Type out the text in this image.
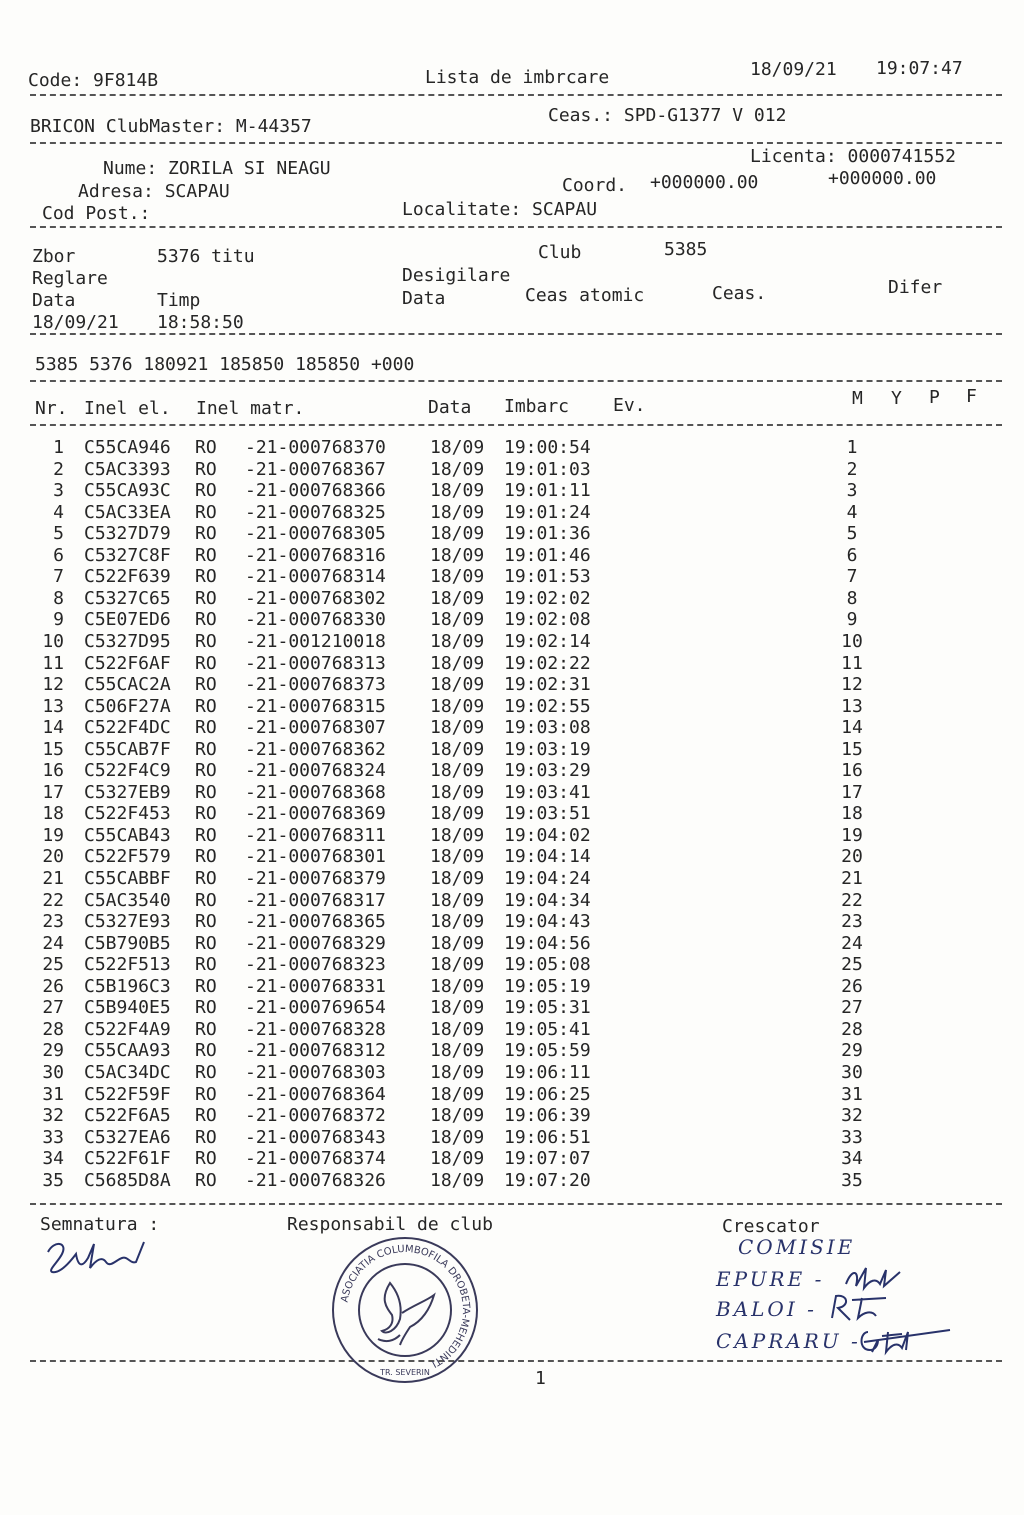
Code: 9F814B	Lista de imbrcare	18/09/21 19:07:47
BRICON ClubMaster: M-44357
Ceas.: SPD-G1377 V 012
Nume: ZORILA SI NEAGU
Adresa: SCAPAU
Cod Post.:
Licenta: 0000741552
Coord. +000000.00	+000000.00
Localitate: SCAPAU
Zbor	5376 titu	Club	5385
Reglare	Desigilare
Data	Timp	Data	Ceas atomic	Ceas.	Difer
18/09/21 18:58:50
5385 5376 180921 185850 185850 +000
Nr. Inel el. Inel matr.	Data Imbarc Ev.	M Y P F
1 C55CA946 RO -21-000768370 18/09 19:00:54	1
2 C5AC3393 RO -21-000768367 18/09 19:01:03	2
3 C55CA93C RO -21-000768366 18/09 19:01:11	3
4 C5AC33EA RO -21-000768325 18/09 19:01:24	4
5 C5327D79 RO -21-000768305 18/09 19:01:36	5
6 C5327C8F RO -21-000768316 18/09 19:01:46	6
7 C522F639 RO -21-000768314 18/09 19:01:53	7
8 C5327C65 RO -21-000768302 18/09 19:02:02	8
9 C5E07ED6 RO -21-000768330 18/09 19:02:08	9
10 C5327D95 RO -21-001210018 18/09 19:02:14	10
11 C522F6AF RO -21-000768313 18/09 19:02:22	11
12 C55CAC2A RO -21-000768373 18/09 19:02:31	12
13 C506F27A RO -21-000768315 18/09 19:02:55	13
14 C522F4DC RO -21-000768307 18/09 19:03:08	14
15 C55CAB7F RO -21-000768362 18/09 19:03:19	15
16 C522F4C9 RO -21-000768324 18/09 19:03:29	16
17 C5327EB9 RO -21-000768368 18/09 19:03:41	17
18 C522F453 RO -21-000768369 18/09 19:03:51	18
19 C55CAB43 RO -21-000768311 18/09 19:04:02	19
20 C522F579 RO -21-000768301 18/09 19:04:14	20
21 C55CABBF RO -21-000768379 18/09 19:04:24	21
22 C5AC3540 RO -21-000768317 18/09 19:04:34	22
23 C5327E93 RO -21-000768365 18/09 19:04:43	23
24 C5B790B5 RO -21-000768329 18/09 19:04:56	24
25 C522F513 RO -21-000768323 18/09 19:05:08	25
26 C5B196C3 RO -21-000768331 18/09 19:05:19	26
27 C5B940E5 RO -21-000769654 18/09 19:05:31	27
28 C522F4A9 RO -21-000768328 18/09 19:05:41	28
29 C55CAA93 RO -21-000768312 18/09 19:05:59	29
30 C5AC34DC RO -21-000768303 18/09 19:06:11	30
31 C522F59F RO -21-000768364 18/09 19:06:25	31
32 C522F6A5 RO -21-000768372 18/09 19:06:39	32
33 C5327EA6 RO -21-000768343 18/09 19:06:51	33
34 C522F61F RO -21-000768374 18/09 19:07:07	34
35 C5685D8A RO -21-000768326 18/09 19:07:20	35
Semnatura :	Responsabil de club	Crescator
COMISIE
EPURE -
BALOI -
CAPRARU -
ASOCIATIA COLUMBOFILA DROBETA-MEHEDINTI
TR. SEVERIN	1
